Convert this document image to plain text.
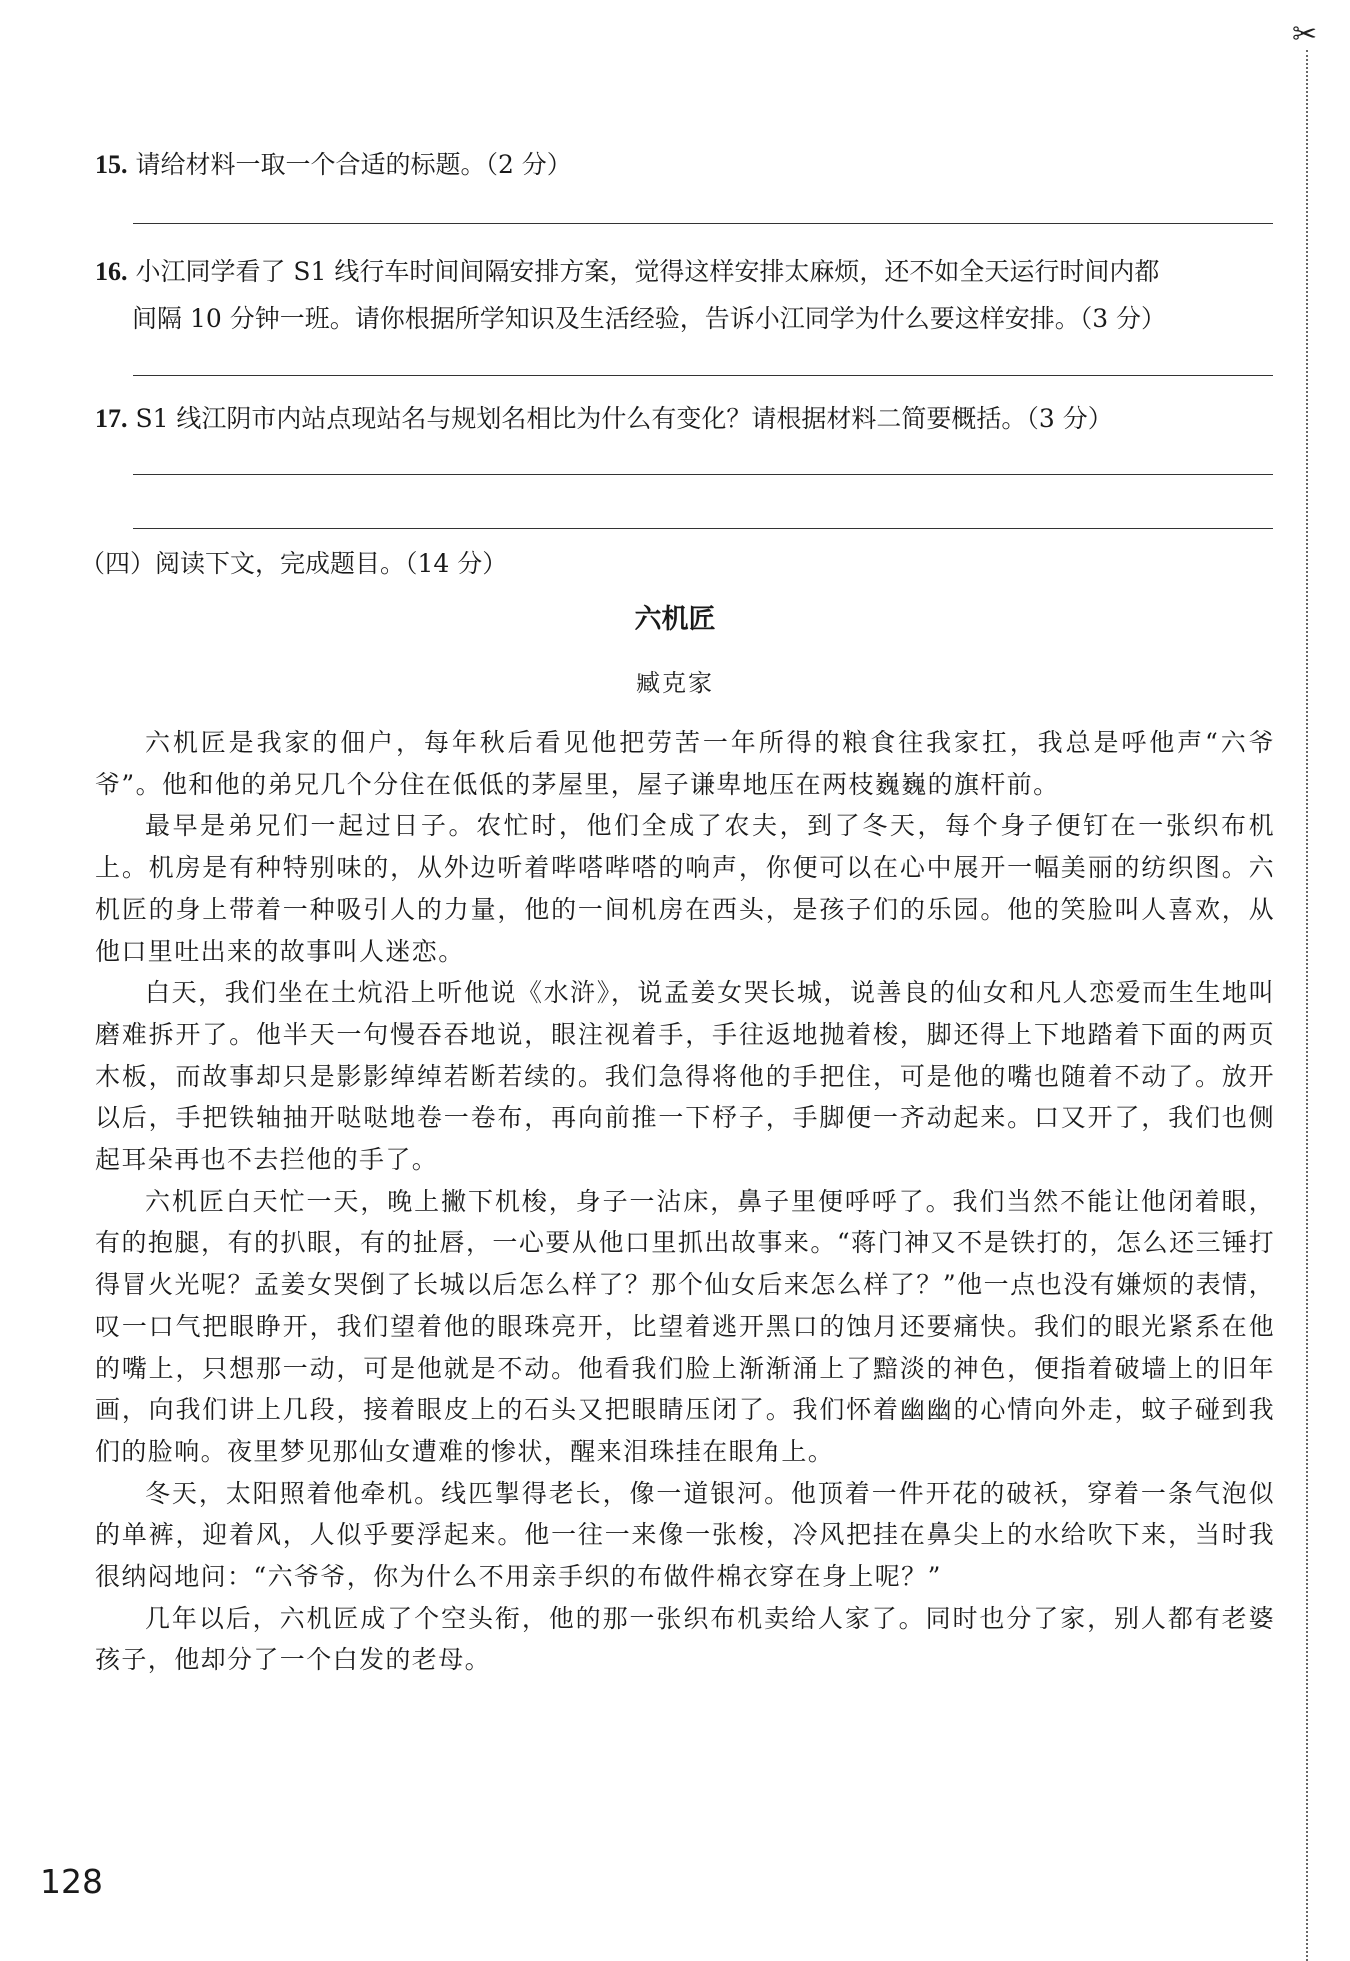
✂
15. 请给材料一取一个合适的标题。（2 分）
16. 小江同学看了 S1 线行车时间间隔安排方案，觉得这样安排太麻烦，还不如全天运行时间内都
间隔 10 分钟一班。请你根据所学知识及生活经验，告诉小江同学为什么要这样安排。（3 分）
17. S1 线江阴市内站点现站名与规划名相比为什么有变化？请根据材料二简要概括。（3 分）
（四）阅读下文，完成题目。（14 分）
六机匠
臧克家

六机匠是我家的佃户，每年秋后看见他把劳苦一年所得的粮食往我家扛，我总是呼他声“六爷爷”。他和他的弟兄几个分住在低低的茅屋里，屋子谦卑地压在两枝巍巍的旗杆前。

最早是弟兄们一起过日子。农忙时，他们全成了农夫，到了冬天，每个身子便钉在一张织布机上。机房是有种特别味的，从外边听着哔嗒哔嗒的响声，你便可以在心中展开一幅美丽的纺织图。六机匠的身上带着一种吸引人的力量，他的一间机房在西头，是孩子们的乐园。他的笑脸叫人喜欢，从他口里吐出来的故事叫人迷恋。

白天，我们坐在土炕沿上听他说《水浒》，说孟姜女哭长城，说善良的仙女和凡人恋爱而生生地叫磨难拆开了。他半天一句慢吞吞地说，眼注视着手，手往返地抛着梭，脚还得上下地踏着下面的两页木板，而故事却只是影影绰绰若断若续的。我们急得将他的手把住，可是他的嘴也随着不动了。放开以后，手把铁轴抽开哒哒地卷一卷布，再向前推一下杼子，手脚便一齐动起来。口又开了，我们也侧起耳朵再也不去拦他的手了。

六机匠白天忙一天，晚上撇下机梭，身子一沾床，鼻子里便呼呼了。我们当然不能让他闭着眼，有的抱腿，有的扒眼，有的扯唇，一心要从他口里抓出故事来。“蒋门神又不是铁打的，怎么还三锤打得冒火光呢？孟姜女哭倒了长城以后怎么样了？那个仙女后来怎么样了？”他一点也没有嫌烦的表情，叹一口气把眼睁开，我们望着他的眼珠亮开，比望着逃开黑口的蚀月还要痛快。我们的眼光紧系在他的嘴上，只想那一动，可是他就是不动。他看我们脸上渐渐涌上了黯淡的神色，便指着破墙上的旧年画，向我们讲上几段，接着眼皮上的石头又把眼睛压闭了。我们怀着幽幽的心情向外走，蚊子碰到我们的脸响。夜里梦见那仙女遭难的惨状，醒来泪珠挂在眼角上。

冬天，太阳照着他牵机。线匹掣得老长，像一道银河。他顶着一件开花的破袄，穿着一条气泡似的单裤，迎着风，人似乎要浮起来。他一往一来像一张梭，冷风把挂在鼻尖上的水给吹下来，当时我很纳闷地问：“六爷爷，你为什么不用亲手织的布做件棉衣穿在身上呢？”

几年以后，六机匠成了个空头衔，他的那一张织布机卖给人家了。同时也分了家，别人都有老婆孩子，他却分了一个白发的老母。

128
